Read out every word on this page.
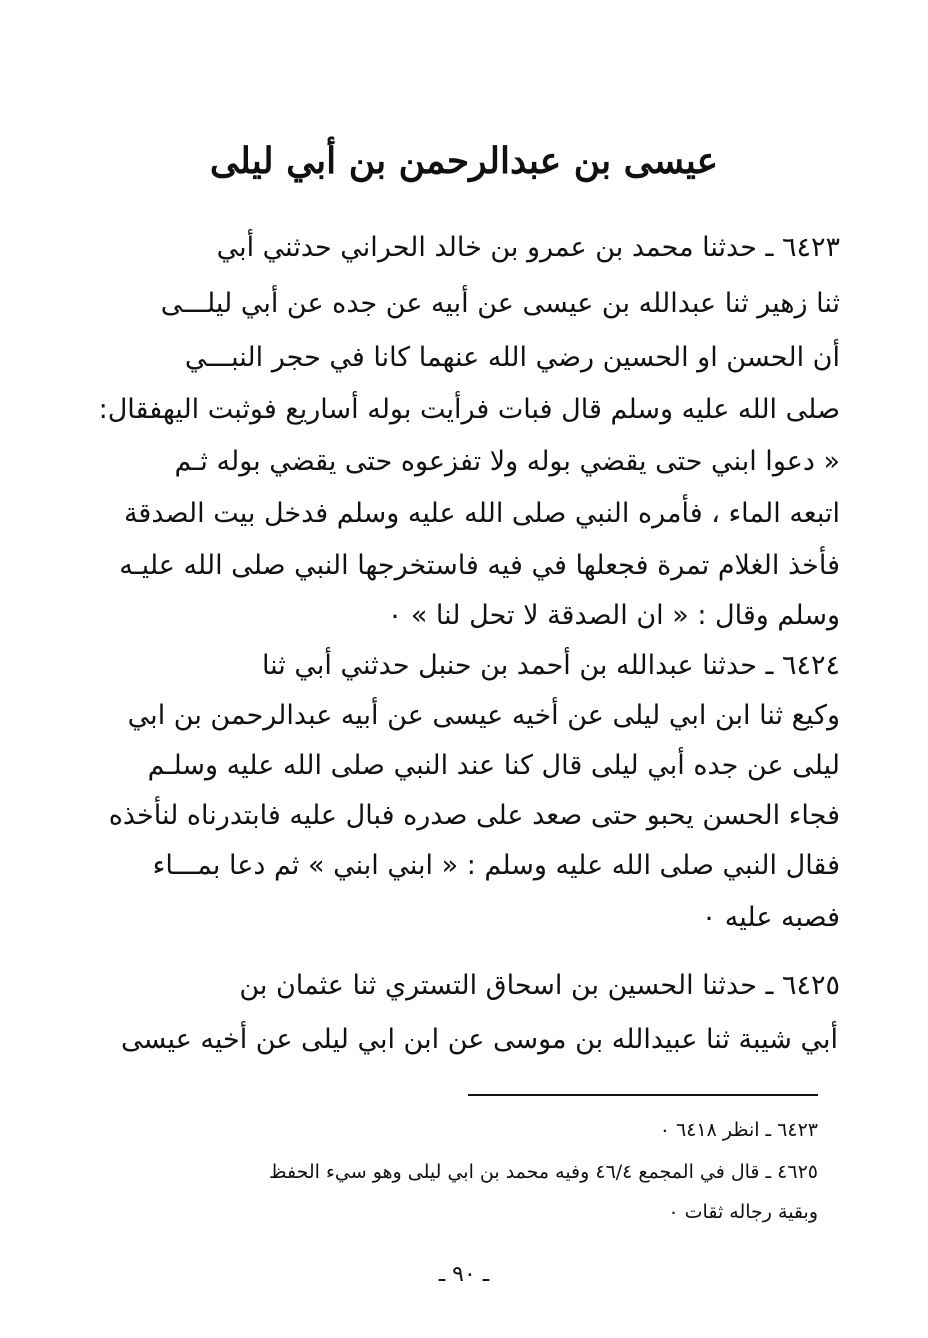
عيسى بن عبدالرحمن بن أبي ليلى
٦٤٢٣ ـ حدثنا محمد بن عمرو بن خالد الحراني حدثني أبي
ثنا زهير ثنا عبدالله بن عيسى عن أبيه عن جده عن أبي ليلـــى
أن الحسن او الحسين رضي الله عنهما كانا في حجر النبـــي
صلى الله عليه وسلم قال فبات فرأيت بوله أساريع فوثبت اليهفقال:
« دعوا ابني حتى يقضي بوله ولا تفزعوه حتى يقضي بوله ثـم
اتبعه الماء ، فأمره النبي صلى الله عليه وسلم فدخل بيت الصدقة
فأخذ الغلام تمرة فجعلها في فيه فاستخرجها النبي صلى الله عليـه
وسلم وقال : « ان الصدقة لا تحل لنا » ٠
٦٤٢٤ ـ حدثنا عبدالله بن أحمد بن حنبل حدثني أبي ثنا
وكيع ثنا ابن ابي ليلى عن أخيه عيسى عن أبيه عبدالرحمن بن ابي
ليلى عن جده أبي ليلى قال كنا عند النبي صلى الله عليه وسلـم
فجاء الحسن يحبو حتى صعد على صدره فبال عليه فابتدرناه لنأخذه
فقال النبي صلى الله عليه وسلم : « ابني ابني » ثم دعا بمـــاء
فصبه عليه ٠
٦٤٢٥ ـ حدثنا الحسين بن اسحاق التستري ثنا عثمان بن
أبي شيبة ثنا عبيدالله بن موسى عن ابن ابي ليلى عن أخيه عيسى
٦٤٢٣ ـ انظر ٦٤١٨ ٠
٤٦٢٥ ـ قال في المجمع ٤٦/٤ وفيه محمد بن ابي ليلى وهو سيء الحفظ
وبقية رجاله ثقات ٠
ـ ٩٠ ـ
